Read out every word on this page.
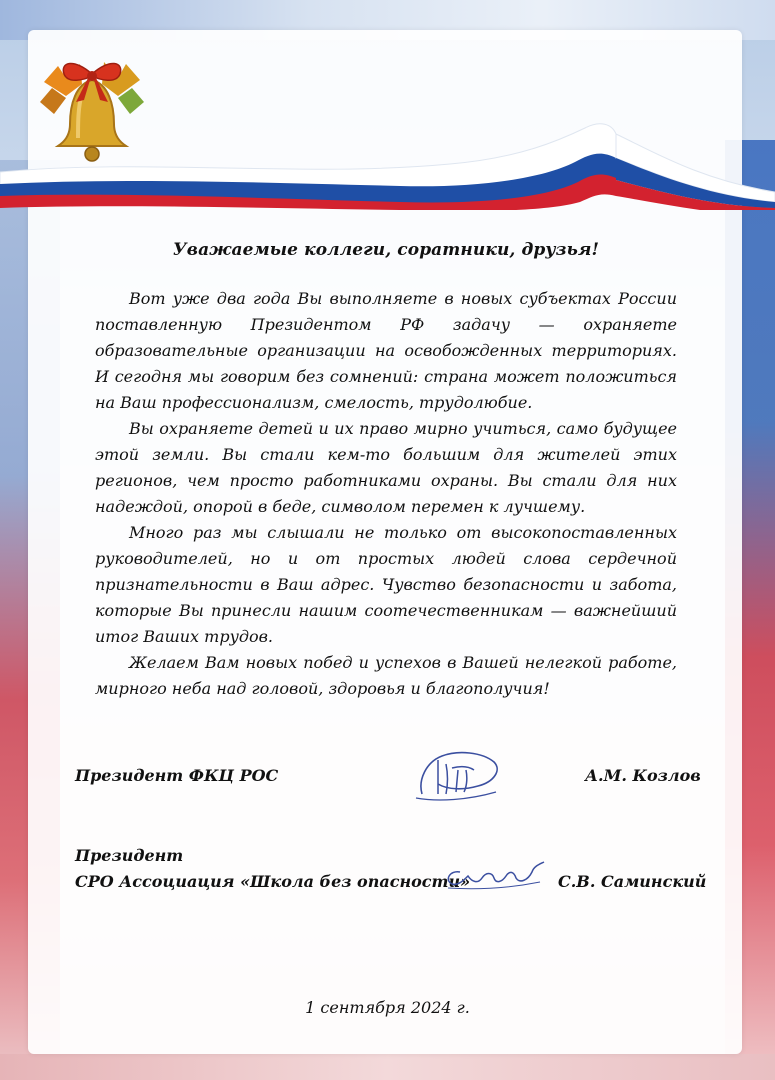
Уважаемые коллеги, соратники, друзья!

Вот уже два года Вы выполняете в новых субъектах России поставленную Президентом РФ задачу — охраняете образовательные организации на освобожденных территориях. И сегодня мы говорим без сомнений: страна может положиться на Ваш профессионализм, смелость, трудолюбие.

Вы охраняете детей и их право мирно учиться, само будущее этой земли. Вы стали кем-то большим для жителей этих регионов, чем просто работниками охраны. Вы стали для них надеждой, опорой в беде, символом перемен к лучшему.

Много раз мы слышали не только от высокопоставленных руководителей, но и от простых людей слова сердечной признательности в Ваш адрес. Чувство безопасности и забота, которые Вы принесли нашим соотечественникам — важнейший итог Ваших трудов.

Желаем Вам новых побед и успехов в Вашей нелегкой работе, мирного неба над головой, здоровья и благополучия!

Президент ФКЦ РОС	А.М. Козлов
Президент
СРО Ассоциация «Школа без опасности»	С.В. Саминский
1 сентября 2024 г.
